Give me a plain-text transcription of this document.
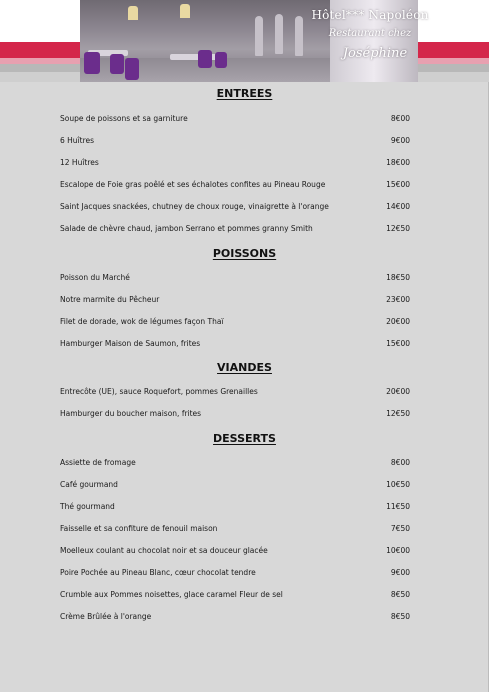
Hôtel*** Napoléon
Restaurant chez
Joséphine
ENTREES
Soupe de poissons et sa garniture	8€00
6 Huîtres	9€00
12 Huîtres	18€00
Escalope de Foie gras poêlé et ses échalotes confites au Pineau Rouge	15€00
Saint Jacques snackées, chutney de choux rouge, vinaigrette à l'orange	14€00
Salade de chèvre chaud, jambon Serrano et pommes granny Smith	12€50
POISSONS
Poisson du Marché	18€50
Notre marmite du Pêcheur	23€00
Filet de dorade, wok de légumes façon Thaï	20€00
Hamburger Maison de Saumon, frites	15€00
VIANDES
Entrecôte (UE), sauce Roquefort, pommes Grenailles	20€00
Hamburger du boucher maison, frites	12€50
DESSERTS
Assiette de fromage	8€00
Café gourmand	10€50
Thé gourmand	11€50
Faisselle et sa confiture de fenouil maison	7€50
Moelleux coulant au chocolat noir et sa douceur glacée	10€00
Poire Pochée au Pineau Blanc, cœur chocolat tendre	9€00
Crumble aux Pommes noisettes, glace caramel Fleur de sel	8€50
Crème Brûlée à l'orange	8€50
